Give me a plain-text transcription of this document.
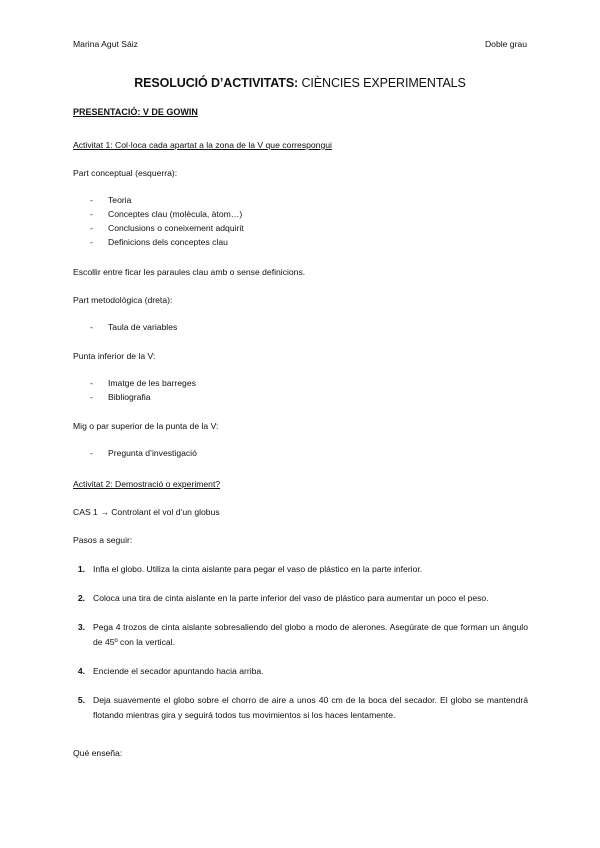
Marina Agut Sáiz	Doble grau
RESOLUCIÓ D’ACTIVITATS: CIÈNCIES EXPERIMENTALS
PRESENTACIÓ: V DE GOWIN
Activitat 1: Col·loca cada apartat a la zona de la V que correspongui
Part conceptual (esquerra):
- Teoria
- Conceptes clau (molècula, àtom…)
- Conclusions o coneixement adquirit
- Definicions dels conceptes clau
Escollir entre ficar les paraules clau amb o sense definicions.
Part metodològica (dreta):
- Taula de variables
Punta inferior de la V:
- Imatge de les barreges
- Bibliografia
Mig o par superior de la punta de la V:
- Pregunta d’investigació
Activitat 2: Demostració o experiment?
CAS 1 → Controlant el vol d’un globus
Pasos a seguir:
1. Infla el globo. Utiliza la cinta aislante para pegar el vaso de plástico en la parte inferior.
2. Coloca una tira de cinta aislante en la parte inferior del vaso de plástico para aumentar un poco el peso.
3. Pega 4 trozos de cinta aislante sobresaliendo del globo a modo de alerones. Asegúrate de que forman un ángulo de 45º con la vertical.
4. Enciende el secador apuntando hacia arriba.
5. Deja suavemente el globo sobre el chorro de aire a unos 40 cm de la boca del secador. El globo se mantendrá flotando mientras gira y seguirá todos tus movimientos si los haces lentamente.
Qué enseña:
